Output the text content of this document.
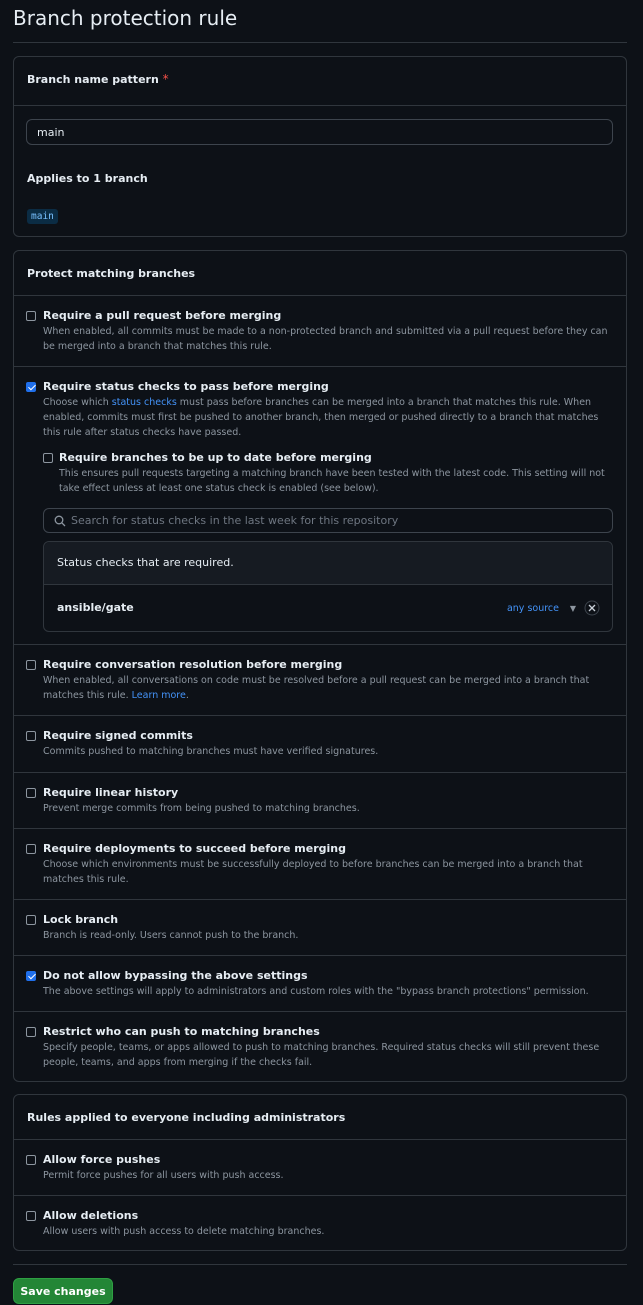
Branch protection rule
Branch name pattern *
main
Applies to 1 branch
main
Protect matching branches
Require a pull request before merging
When enabled, all commits must be made to a non-protected branch and submitted via a pull request before they can be merged into a branch that matches this rule.
Require status checks to pass before merging
Choose which status checks must pass before branches can be merged into a branch that matches this rule. When enabled, commits must first be pushed to another branch, then merged or pushed directly to a branch that matches this rule after status checks have passed.
Require branches to be up to date before merging
This ensures pull requests targeting a matching branch have been tested with the latest code. This setting will not take effect unless at least one status check is enabled (see below).
Search for status checks in the last week for this repository
Status checks that are required.
ansible/gate	any source ▼
Require conversation resolution before merging
When enabled, all conversations on code must be resolved before a pull request can be merged into a branch that matches this rule. Learn more.
Require signed commits
Commits pushed to matching branches must have verified signatures.
Require linear history
Prevent merge commits from being pushed to matching branches.
Require deployments to succeed before merging
Choose which environments must be successfully deployed to before branches can be merged into a branch that matches this rule.
Lock branch
Branch is read-only. Users cannot push to the branch.
Do not allow bypassing the above settings
The above settings will apply to administrators and custom roles with the "bypass branch protections" permission.
Restrict who can push to matching branches
Specify people, teams, or apps allowed to push to matching branches. Required status checks will still prevent these people, teams, and apps from merging if the checks fail.
Rules applied to everyone including administrators
Allow force pushes
Permit force pushes for all users with push access.
Allow deletions
Allow users with push access to delete matching branches.
Save changes
